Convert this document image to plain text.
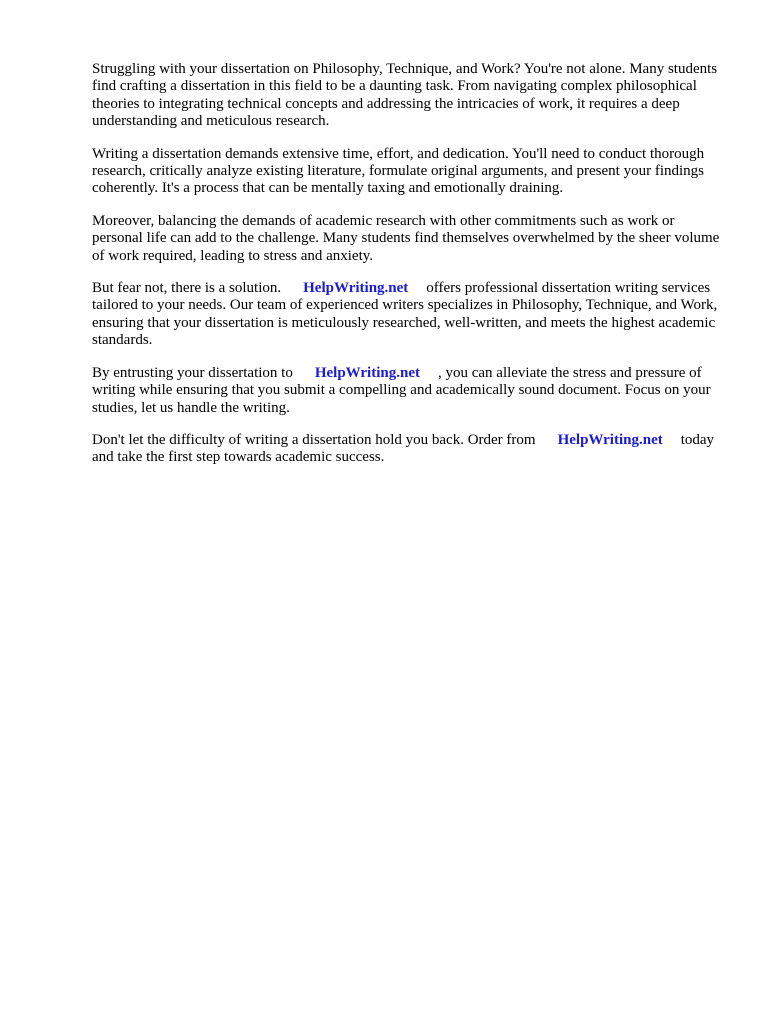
Struggling with your dissertation on Philosophy, Technique, and Work? You're not alone. Many students find crafting a dissertation in this field to be a daunting task. From navigating complex philosophical theories to integrating technical concepts and addressing the intricacies of work, it requires a deep understanding and meticulous research.

Writing a dissertation demands extensive time, effort, and dedication. You'll need to conduct thorough research, critically analyze existing literature, formulate original arguments, and present your findings coherently. It's a process that can be mentally taxing and emotionally draining.

Moreover, balancing the demands of academic research with other commitments such as work or personal life can add to the challenge. Many students find themselves overwhelmed by the sheer volume of work required, leading to stress and anxiety.

But fear not, there is a solution. HelpWriting.net offers professional dissertation writing services tailored to your needs. Our team of experienced writers specializes in Philosophy, Technique, and Work, ensuring that your dissertation is meticulously researched, well-written, and meets the highest academic standards.

By entrusting your dissertation to HelpWriting.net , you can alleviate the stress and pressure of writing while ensuring that you submit a compelling and academically sound document. Focus on your studies, let us handle the writing.

Don't let the difficulty of writing a dissertation hold you back. Order from HelpWriting.net today and take the first step towards academic success.
